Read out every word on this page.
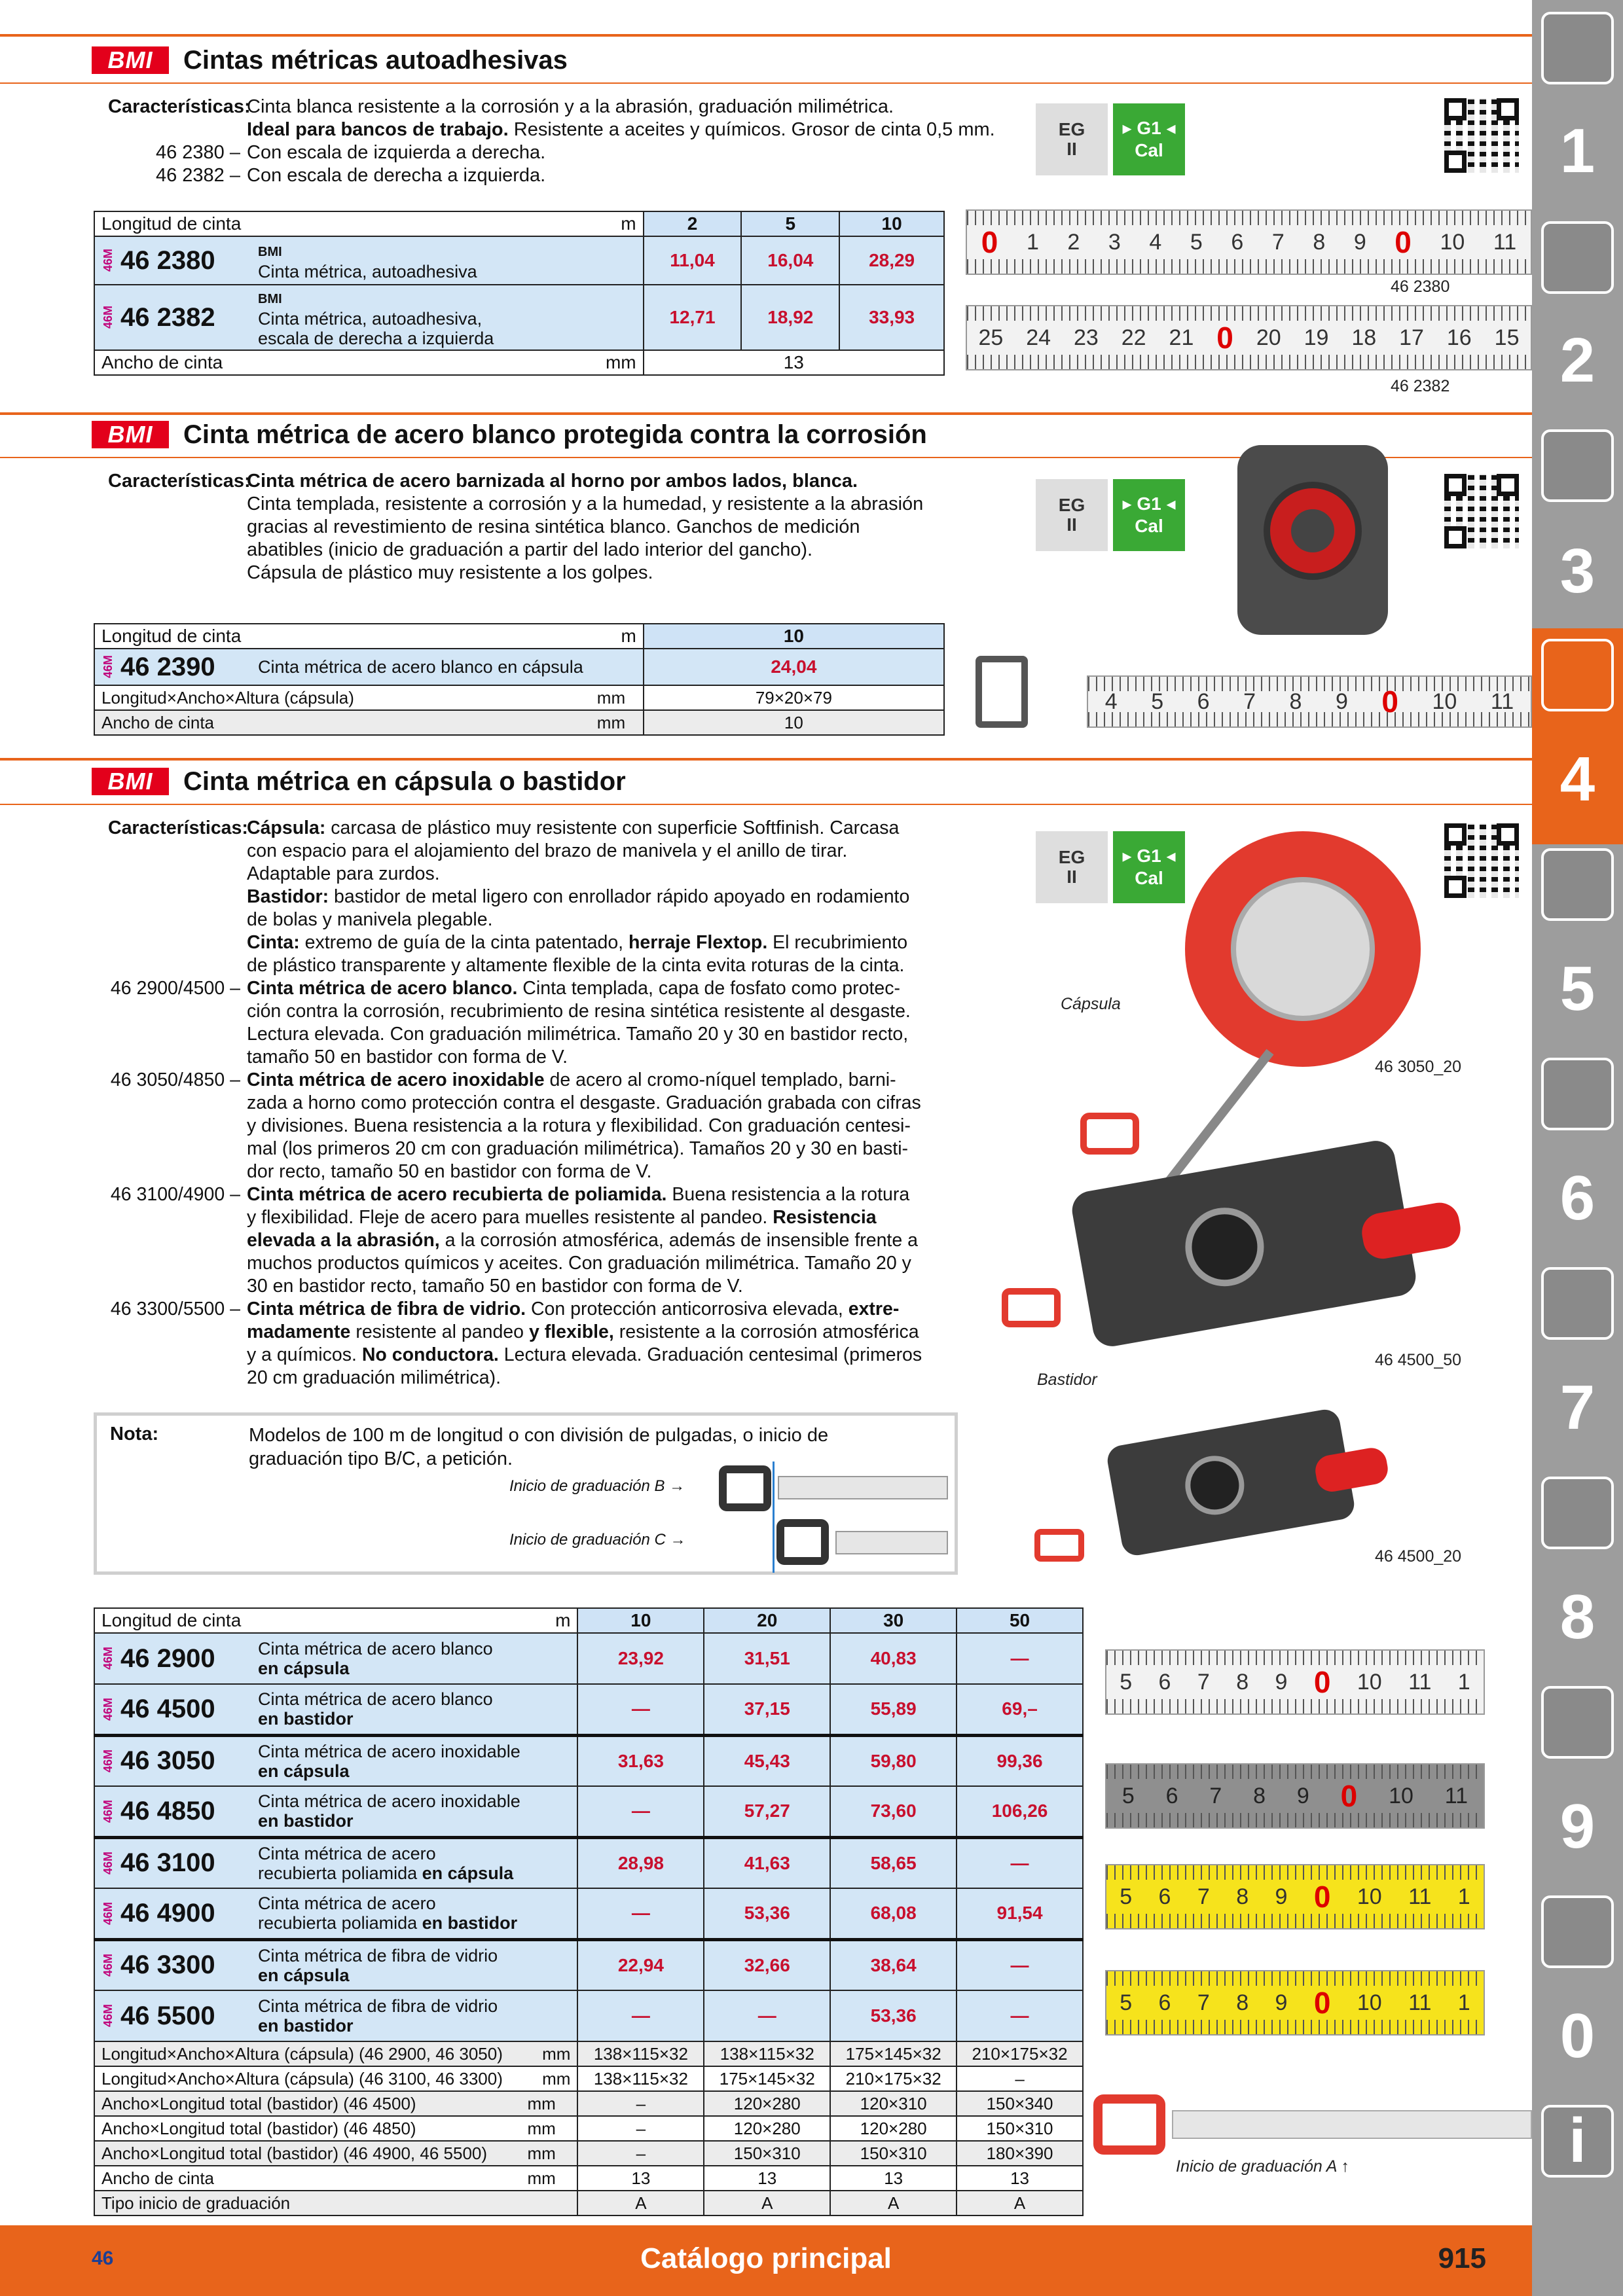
BMI	Cintas métricas autoadhesivas
Características:
Cinta blanca resistente a la corrosión y a la abrasión, graduación milimétrica.
Ideal para bancos de trabajo. Resistente a aceites y químicos. Grosor de cinta 0,5 mm.
46 2380 – Con escala de izquierda a derecha.
46 2382 – Con escala de derecha a izquierda.
EG
II
▸ G1 ◂
Cal
Longitud de cinta m	2	5	10

46M 46 2380 BMI
Cinta métrica, autoadhesiva	11,04	16,04	28,29

46M 46 2382
BMI
Cinta métrica, autoadhesiva,
escala de derecha a izquierda	12,71	18,92	33,93
Ancho de cinta mm	13		
0 1 2 3 4 5 6 7 8 9 0 10 11
46 2380
25 24 23 22 21 0 20 19 18 17 16 15
46 2382
BMI	Cinta métrica de acero blanco protegida contra la corrosión
Características:
Cinta métrica de acero barnizada al horno por ambos lados, blanca.
Cinta templada, resistente a corrosión y a la humedad, y resistente a la abrasión
gracias al revestimiento de resina sintética blanco. Ganchos de medición
abatibles (inicio de graduación a partir del lado interior del gancho).
Cápsula de plástico muy resistente a los golpes.
EG
II
▸ G1 ◂
Cal
Longitud de cinta m	10

46M 46 2390 Cinta métrica de acero blanco en cápsula	24,04
Longitud×Ancho×Altura (cápsula) mm	79×20×79
Ancho de cinta mm	10
4 5 6 7 8 9 0 10 11
BMI	Cinta métrica en cápsula o bastidor
Características:
Cápsula: carcasa de plástico muy resistente con superficie Softfinish. Carcasa
con espacio para el alojamiento del brazo de manivela y el anillo de tirar.
Adaptable para zurdos.
Bastidor: bastidor de metal ligero con enrollador rápido apoyado en rodamiento
de bolas y manivela plegable.
Cinta: extremo de guía de la cinta patentado, herraje Flextop. El recubrimiento
de plástico transparente y altamente flexible de la cinta evita roturas de la cinta.
46 2900/4500 – Cinta métrica de acero blanco. Cinta templada, capa de fosfato como protec-
ción contra la corrosión, recubrimiento de resina sintética resistente al desgaste.
Lectura elevada. Con graduación milimétrica. Tamaño 20 y 30 en bastidor recto,
tamaño 50 en bastidor con forma de V.
46 3050/4850 – Cinta métrica de acero inoxidable de acero al cromo-níquel templado, barni-
zada a horno como protección contra el desgaste. Graduación grabada con cifras
y divisiones. Buena resistencia a la rotura y flexibilidad. Con graduación centesi-
mal (los primeros 20 cm con graduación milimétrica). Tamaños 20 y 30 en basti-
dor recto, tamaño 50 en bastidor con forma de V.
46 3100/4900 – Cinta métrica de acero recubierta de poliamida. Buena resistencia a la rotura
y flexibilidad. Fleje de acero para muelles resistente al pandeo. Resistencia
elevada a la abrasión, a la corrosión atmosférica, además de insensible frente a
muchos productos químicos y aceites. Con graduación milimétrica. Tamaño 20 y
30 en bastidor recto, tamaño 50 en bastidor con forma de V.
46 3300/5500 – Cinta métrica de fibra de vidrio. Con protección anticorrosiva elevada, extre-
madamente resistente al pandeo y flexible, resistente a la corrosión atmosférica
y a químicos. No conductora. Lectura elevada. Graduación centesimal (primeros
20 cm graduación milimétrica).
EG
II
▸ G1 ◂
Cal
Cápsula
46 3050_20
Bastidor
46 4500_50
46 4500_20
Nota:	Modelos de 100 m de longitud o con división de pulgadas, o inicio de
graduación tipo B/C, a petición.
Inicio de graduación B →
Inicio de graduación C →
Longitud de cinta m	10	20	30	50

46M 46 2900 Cinta métrica de acero blanco
en cápsula	23,92	31,51	40,83	—

46M 46 4500 Cinta métrica de acero blanco
en bastidor	—	37,15	55,89	69,–

46M 46 3050 Cinta métrica de acero inoxidable
en cápsula	31,63	45,43	59,80	99,36

46M 46 4850 Cinta métrica de acero inoxidable
en bastidor	—	57,27	73,60	106,26

46M 46 3100 Cinta métrica de acero
recubierta poliamida en cápsula	28,98	41,63	58,65	—

46M 46 4900 Cinta métrica de acero
recubierta poliamida en bastidor	—	53,36	68,08	91,54

46M 46 3300 Cinta métrica de fibra de vidrio
en cápsula	22,94	32,66	38,64	—

46M 46 5500 Cinta métrica de fibra de vidrio
en bastidor	—	—	53,36	—
Longitud×Ancho×Altura (cápsula) (46 2900, 46 3050) mm	138×115×32	138×115×32	175×145×32	210×175×32
Longitud×Ancho×Altura (cápsula) (46 3100, 46 3300) mm	138×115×32	175×145×32	210×175×32	–
Ancho×Longitud total (bastidor) (46 4500) mm	–	120×280	120×310	150×340
Ancho×Longitud total (bastidor) (46 4850) mm	–	120×280	120×280	150×310
Ancho×Longitud total (bastidor) (46 4900, 46 5500) mm	–	150×310	150×310	180×390
Ancho de cinta mm	13	13	13	13
Tipo inicio de graduación	A	A	A	A
5 6 7 8 9 0 10 11 1
5 6 7 8 9 0 10 11
5 6 7 8 9 0 10 11 1
5 6 7 8 9 0 10 11 1
Inicio de graduación A ↑
1
2
3
4
5
6
7
8
9
0
i
46	Catálogo principal	915
